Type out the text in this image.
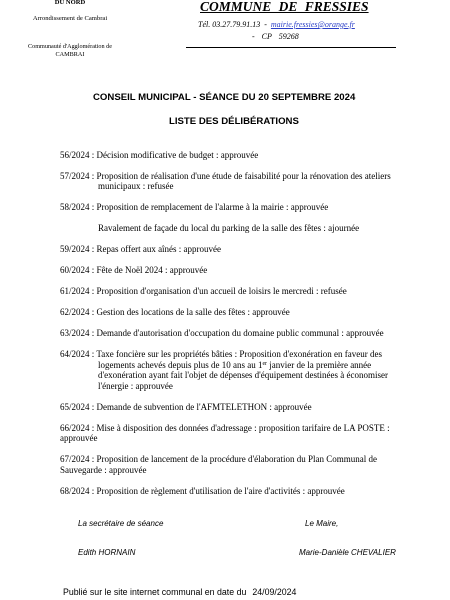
DU NORD
Arrondissement de Cambrai
Communauté d'Agglomération de
CAMBRAI
COMMUNE DE FRESSIES
Tél. 03.27.79.91.13 - mairie.fressies@orange.fr
- CP 59268
CONSEIL MUNICIPAL - SÉANCE DU 20 SEPTEMBRE 2024
LISTE DES DÉLIBÉRATIONS
56/2024 : Décision modificative de budget : approuvée
57/2024 : Proposition de réalisation d'une étude de faisabilité pour la rénovation des ateliers
municipaux : refusée
58/2024 : Proposition de remplacement de l'alarme à la mairie : approuvée
Ravalement de façade du local du parking de la salle des fêtes : ajournée
59/2024 : Repas offert aux aînés : approuvée
60/2024 : Fête de Noël 2024 : approuvée
61/2024 : Proposition d'organisation d'un accueil de loisirs le mercredi : refusée
62/2024 : Gestion des locations de la salle des fêtes : approuvée
63/2024 : Demande d'autorisation d'occupation du domaine public communal : approuvée
64/2024 : Taxe foncière sur les propriétés bâties : Proposition d'exonération en faveur des
logements achevés depuis plus de 10 ans au 1er janvier de la première année
d'exonération ayant fait l'objet de dépenses d'équipement destinées à économiser
l'énergie : approuvée
65/2024 : Demande de subvention de l'AFMTELETHON : approuvée
66/2024 : Mise à disposition des données d'adressage : proposition tarifaire de LA POSTE :
approuvée
67/2024 : Proposition de lancement de la procédure d'élaboration du Plan Communal de
Sauvegarde : approuvée
68/2024 : Proposition de règlement d'utilisation de l'aire d'activités : approuvée
La secrétaire de séance	Le Maire,
Edith HORNAIN	Marie-Danièle CHEVALIER
Publié sur le site internet communal en date du 24/09/2024
